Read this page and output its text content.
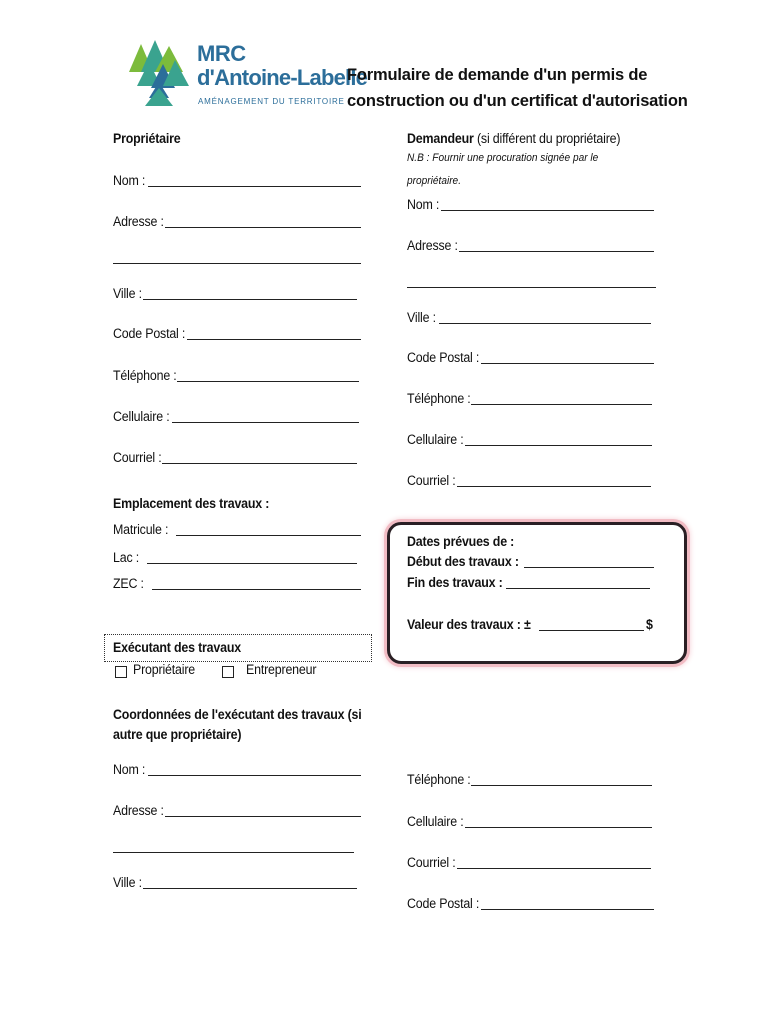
MRC
d'Antoine-Labelle
AMÉNAGEMENT DU TERRITOIRE
Formulaire de demande d'un permis de
construction ou d'un certificat d'autorisation
Propriétaire
Nom :
Adresse :
Ville :
Code Postal :
Téléphone :
Cellulaire :
Courriel :
Demandeur (si différent du propriétaire)
N.B : Fournir une procuration signée par le
propriétaire.
Nom :
Adresse :
Ville :
Code Postal :
Téléphone :
Cellulaire :
Courriel :
Emplacement des travaux :
Matricule :
Lac :
ZEC :
Dates prévues de :
Début des travaux :
Fin des travaux :
Valeur des travaux : ±	$
Exécutant des travaux
Propriétaire	Entrepreneur
Coordonnées de l'exécutant des travaux (si
autre que propriétaire)
Nom :
Adresse :
Ville :
Téléphone :
Cellulaire :
Courriel :
Code Postal :
